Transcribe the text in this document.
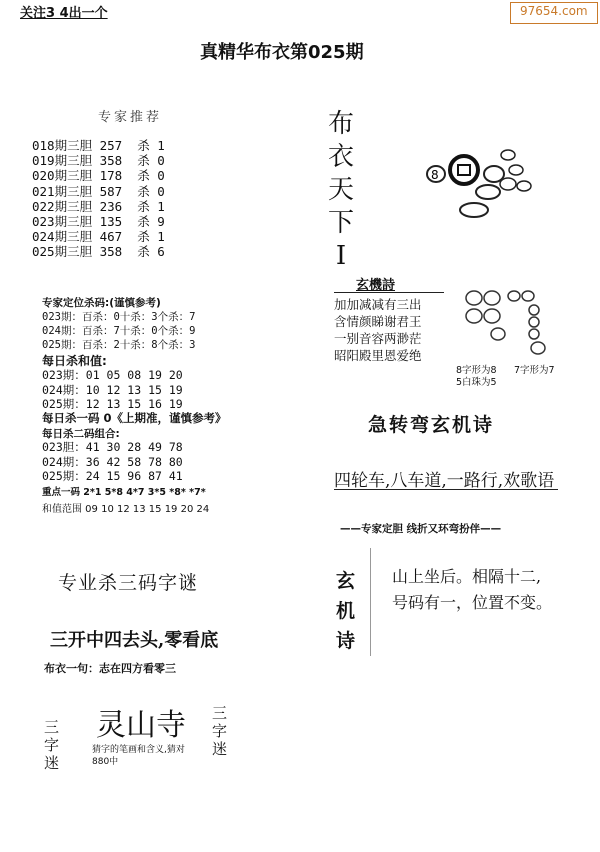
关注3 4出一个	97654.com
真精华布衣第025期
专家推荐
018期三胆 257 杀 1
019期三胆 358 杀 0
020期三胆 178 杀 0
021期三胆 587 杀 0
022期三胆 236 杀 1
023期三胆 135 杀 9
024期三胆 467 杀 1
025期三胆 358 杀 6
专家定位杀码:(谨慎参考)
023期：百杀：0十杀：3个杀：7
024期：百杀：7十杀：0个杀：9
025期：百杀：2十杀：8个杀：3
每日杀和值:
023期：01 05 08 19 20
024期：10 12 13 15 19
025期：12 13 15 16 19
每日杀一码 0《上期准，谨慎参考》
每日杀二码组合:
023胆：41 30 28 49 78
024期：36 42 58 78 80
025期：24 15 96 87 41
重点一码 2*1 5*8 4*7 3*5 *8* *7*
和值范围 09 10 12 13 15 19 20 24
布
衣
天
下
I
8
玄機詩
加加减减有三出
含情颜睇谢君王
一别音容两渺茫
昭阳殿里恩爱绝
8字形为8 7字形为7
5白珠为5
急转弯玄机诗
四轮车,八车道,一路行,欢歌语
——专家定胆 线折又环弯扮伴——
玄
机
诗
山上坐后。相隔十二,
号码有一，位置不变。
专业杀三码字谜
三开中四去头,零看底
布衣一句：志在四方看零三
三
字
迷
灵山寺
猜字的笔画和含义,猜对880中
三
字
迷
